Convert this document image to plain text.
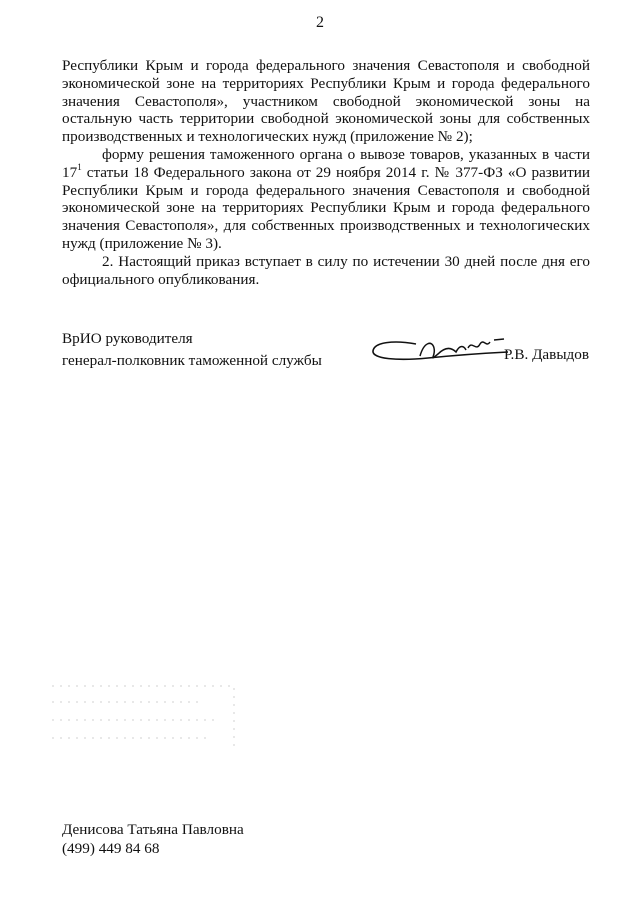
2

Республики Крым и города федерального значения Севастополя и свободной экономической зоне на территориях Республики Крым и города федерального значения Севастополя», участником свободной экономической зоны на остальную часть территории свободной экономической зоны для собственных производственных и технологических нужд (приложение № 2);

форму решения таможенного органа о вывозе товаров, указанных в части $17^1$ статьи 18 Федерального закона от 29 ноября 2014 г. № 377-ФЗ «О развитии Республики Крым и города федерального значения Севастополя и свободной экономической зоне на территориях Республики Крым и города федерального значения Севастополя», для собственных производственных и технологических нужд (приложение № 3).

2. Настоящий приказ вступает в силу по истечении 30 дней после дня его официального опубликования.

ВрИО руководителя
генерал-полковник таможенной службы	Р.В. Давыдов
Денисова Татьяна Павловна
(499) 449 84 68
